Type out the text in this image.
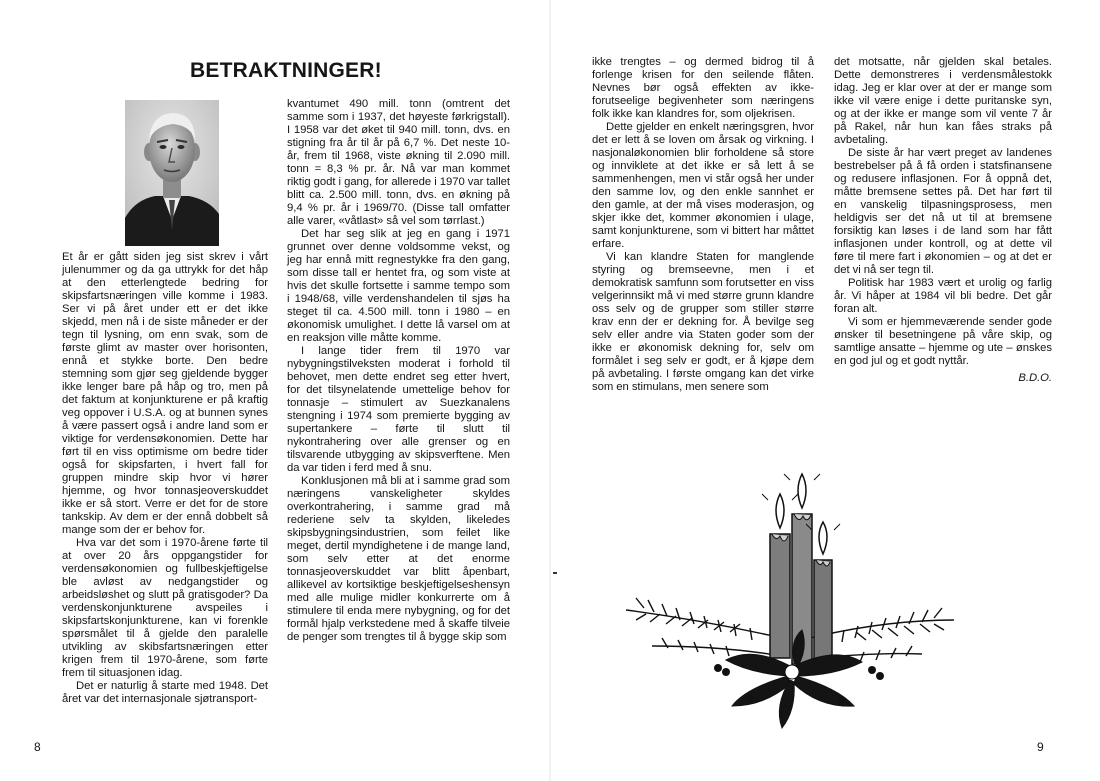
BETRAKTNINGER!

Et år er gått siden jeg sist skrev i vårt julenummer og da ga uttrykk for det håp at den etterlengtede bedring for skipsfartsnæringen ville komme i 1983. Ser vi på året under ett er det ikke skjedd, men nå i de siste måneder er der tegn til lysning, om enn svak, som de første glimt av master over horisonten, ennå et stykke borte. Den bedre stemning som gjør seg gjeldende bygger ikke lenger bare på håp og tro, men på det faktum at konjunkturene er på kraftig veg oppover i U.S.A. og at bunnen synes å være passert også i andre land som er viktige for verdensøkonomien. Dette har ført til en viss optimisme om bedre tider også for skipsfarten, i hvert fall for gruppen mindre skip hvor vi hører hjemme, og hvor tonnasjeoverskuddet ikke er så stort. Verre er det for de store tankskip. Av dem er der ennå dobbelt så mange som der er behov for.

Hva var det som i 1970-årene førte til at over 20 års oppgangstider for verdensøkonomien og fullbeskjeftigelse ble avløst av nedgangstider og arbeidsløshet og slutt på gratisgoder? Da verdenskonjunkturene avspeiles i skipsfartskonjunkturene, kan vi forenkle spørsmålet til å gjelde den paralelle utvikling av skibsfartsnæringen etter krigen frem til 1970-årene, som førte frem til situasjonen idag.

Det er naturlig å starte med 1948. Det året var det internasjonale sjøtransport-

kvantumet 490 mill. tonn (omtrent det samme som i 1937, det høyeste førkrigstall). I 1958 var det øket til 940 mill. tonn, dvs. en stigning fra år til år på 6,7 %. Det neste 10-år, frem til 1968, viste økning til 2.090 mill. tonn = 8,3 % pr. år. Nå var man kommet riktig godt i gang, for allerede i 1970 var tallet blitt ca. 2.500 mill. tonn, dvs. en økning på 9,4 % pr. år i 1969/70. (Disse tall omfatter alle varer, «våtlast» så vel som tørrlast.)

Det har seg slik at jeg en gang i 1971 grunnet over denne voldsomme vekst, og jeg har ennå mitt regnestykke fra den gang, som disse tall er hentet fra, og som viste at hvis det skulle fortsette i samme tempo som i 1948/68, ville verdenshandelen til sjøs ha steget til ca. 4.500 mill. tonn i 1980 – en økonomisk umulighet. I dette lå varsel om at en reaksjon ville måtte komme.

I lange tider frem til 1970 var nybygningstilveksten moderat i forhold til behovet, men dette endret seg etter hvert, for det tilsynelatende umettelige behov for tonnasje – stimulert av Suezkanalens stengning i 1974 som premierte bygging av supertankere – førte til slutt til nykontrahering over alle grenser og en tilsvarende utbygging av skipsverftene. Men da var tiden i ferd med å snu.

Konklusjonen må bli at i samme grad som næringens vanskeligheter skyldes overkontrahering, i samme grad må rederiene selv ta skylden, likeledes skipsbygningsindustrien, som feilet like meget, dertil myndighetene i de mange land, som selv etter at det enorme tonnasjeoverskuddet var blitt åpenbart, allikevel av kortsiktige beskjeftigelseshensyn med alle mulige midler konkurrerte om å stimulere til enda mere nybygning, og for det formål hjalp verkstedene med å skaffe tilveie de penger som trengtes til å bygge skip som

8

ikke trengtes – og dermed bidrog til å forlenge krisen for den seilende flåten. Nevnes bør også effekten av ikke-forutseelige begivenheter som næringens folk ikke kan klandres for, som oljekrisen.

Dette gjelder en enkelt næringsgren, hvor det er lett å se loven om årsak og virkning. I nasjonaløkonomien blir forholdene så store og innviklete at det ikke er så lett å se sammenhengen, men vi står også her under den samme lov, og den enkle sannhet er den gamle, at der må vises moderasjon, og skjer ikke det, kommer økonomien i ulage, samt konjunkturene, som vi bittert har måttet erfare.

Vi kan klandre Staten for manglende styring og bremseevne, men i et demokratisk samfunn som forutsetter en viss velgerinnsikt må vi med større grunn klandre oss selv og de grupper som stiller større krav enn der er dekning for. Å bevilge seg selv eller andre via Staten goder som der ikke er økonomisk dekning for, selv om formålet i seg selv er godt, er å kjøpe dem på avbetaling. I første omgang kan det virke som en stimulans, men senere som

det motsatte, når gjelden skal betales. Dette demonstreres i verdensmålestokk idag. Jeg er klar over at der er mange som ikke vil være enige i dette puritanske syn, og at der ikke er mange som vil vente 7 år på Rakel, når hun kan fåes straks på avbetaling.

De siste år har vært preget av landenes bestrebelser på å få orden i statsfinansene og redusere inflasjonen. For å oppnå det, måtte bremsene settes på. Det har ført til en vanskelig tilpasningsprosess, men heldigvis ser det nå ut til at bremsene forsiktig kan løses i de land som har fått inflasjonen under kontroll, og at dette vil føre til mere fart i økonomien – og at det er det vi nå ser tegn til.

Politisk har 1983 vært et urolig og farlig år. Vi håper at 1984 vil bli bedre. Det går foran alt.

Vi som er hjemmeværende sender gode ønsker til besetningene på våre skip, og samtlige ansatte – hjemme og ute – ønskes en god jul og et godt nyttår.

B.D.O.

9
